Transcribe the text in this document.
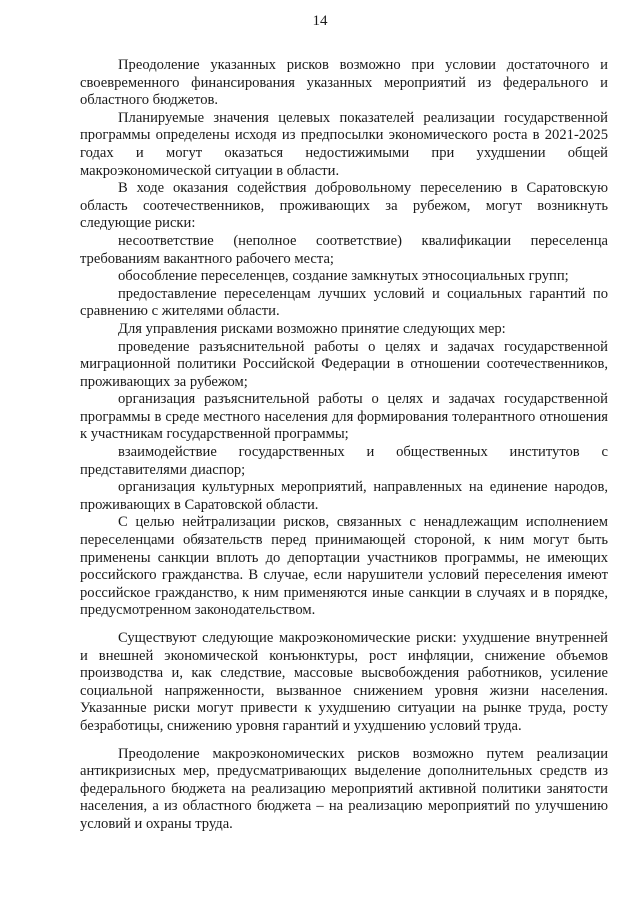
14

Преодоление указанных рисков возможно при условии достаточного и своевременного финансирования указанных мероприятий из федерального и областного бюджетов.

Планируемые значения целевых показателей реализации государственной программы определены исходя из предпосылки экономического роста в 2021-2025 годах и могут оказаться недостижимыми при ухудшении общей макроэкономической ситуации в области.

В ходе оказания содействия добровольному переселению в Саратовскую область соотечественников, проживающих за рубежом, могут возникнуть следующие риски:

несоответствие (неполное соответствие) квалификации переселенца требованиям вакантного рабочего места;

обособление переселенцев, создание замкнутых этносоциальных групп;

предоставление переселенцам лучших условий и социальных гарантий по сравнению с жителями области.

Для управления рисками возможно принятие следующих мер:

проведение разъяснительной работы о целях и задачах государственной миграционной политики Российской Федерации в отношении соотечественников, проживающих за рубежом;

организация разъяснительной работы о целях и задачах государственной программы в среде местного населения для формирования толерантного отношения к участникам государственной программы;

взаимодействие государственных и общественных институтов с представителями диаспор;

организация культурных мероприятий, направленных на единение народов, проживающих в Саратовской области.

С целью нейтрализации рисков, связанных с ненадлежащим исполнением переселенцами обязательств перед принимающей стороной, к ним могут быть применены санкции вплоть до депортации участников программы, не имеющих российского гражданства. В случае, если нарушители условий переселения имеют российское гражданство, к ним применяются иные санкции в случаях и в порядке, предусмотренном законодательством.

Существуют следующие макроэкономические риски: ухудшение внутренней и внешней экономической конъюнктуры, рост инфляции, снижение объемов производства и, как следствие, массовые высвобождения работников, усиление социальной напряженности, вызванное снижением уровня жизни населения. Указанные риски могут привести к ухудшению ситуации на рынке труда, росту безработицы, снижению уровня гарантий и ухудшению условий труда.

Преодоление макроэкономических рисков возможно путем реализации антикризисных мер, предусматривающих выделение дополнительных средств из федерального бюджета на реализацию мероприятий активной политики занятости населения, а из областного бюджета – на реализацию мероприятий по улучшению условий и охраны труда.
